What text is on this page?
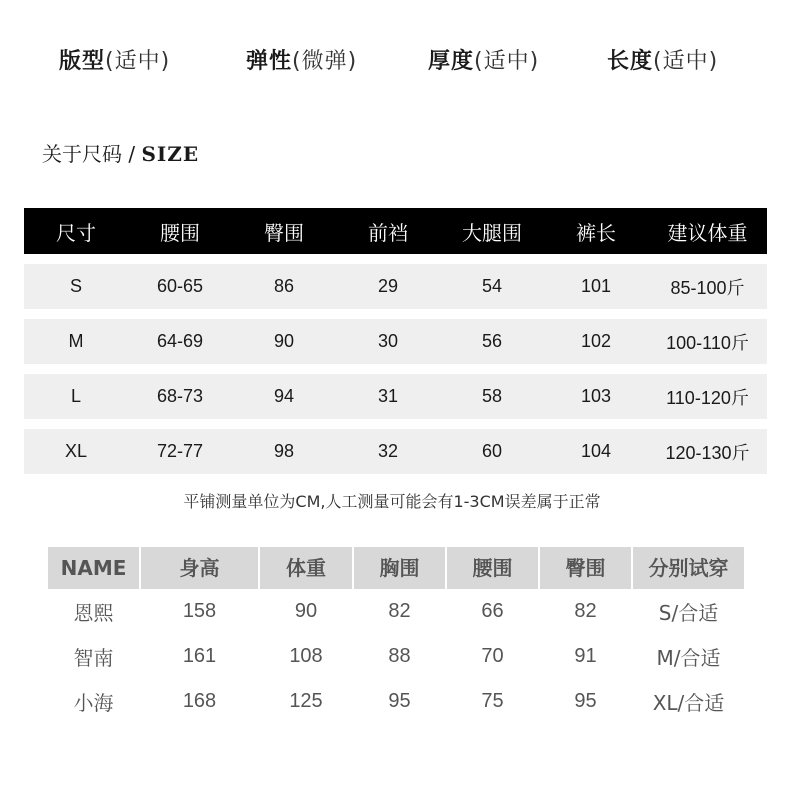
版型(适中)	弹性(微弹)	厚度(适中)	长度(适中)
关于尺码 / SIZE
尺寸	腰围	臀围	前裆	大腿围	裤长	建议体重
S	60-65	86	29	54	101	85-100斤
M	64-69	90	30	56	102	100-110斤
L	68-73	94	31	58	103	110-120斤
XL	72-77	98	32	60	104	120-130斤
平铺测量单位为CM,人工测量可能会有1-3CM误差属于正常
NAME	身高	体重	胸围	腰围	臀围	分别试穿
恩熙	158	90	82	66	82	S/合适
智南	161	108	88	70	91	M/合适
小海	168	125	95	75	95	XL/合适
